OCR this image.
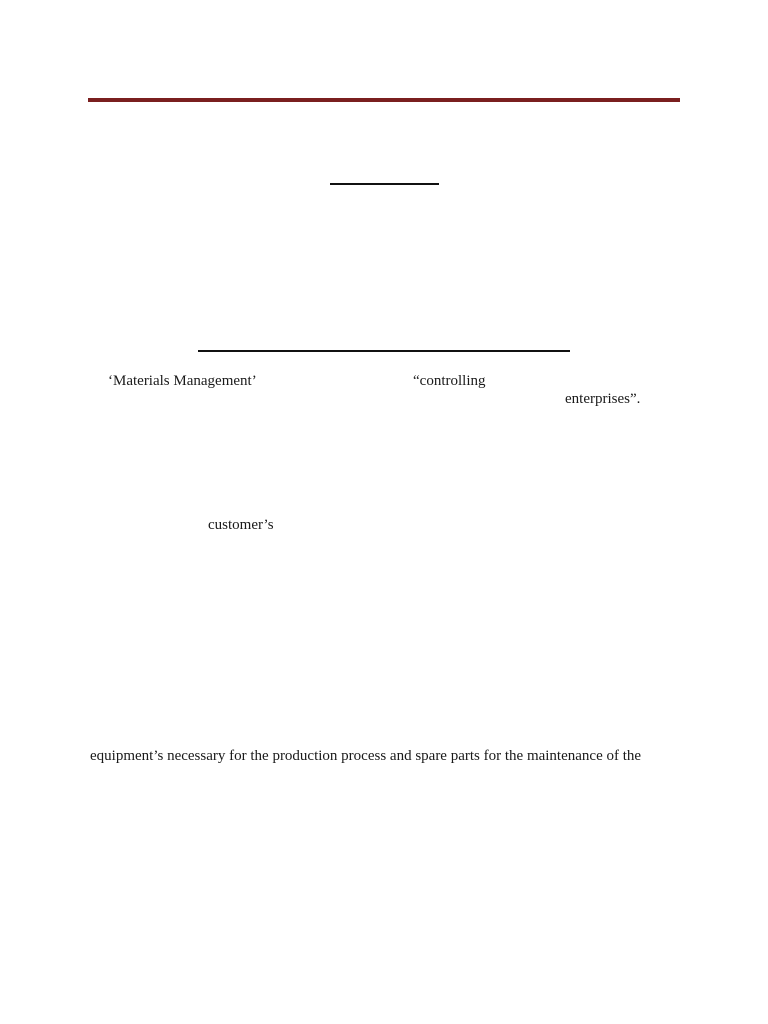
‘Materials Management’	“controlling
enterprises”.
customer’s
equipment’s necessary for the production process and spare parts for the maintenance of the
